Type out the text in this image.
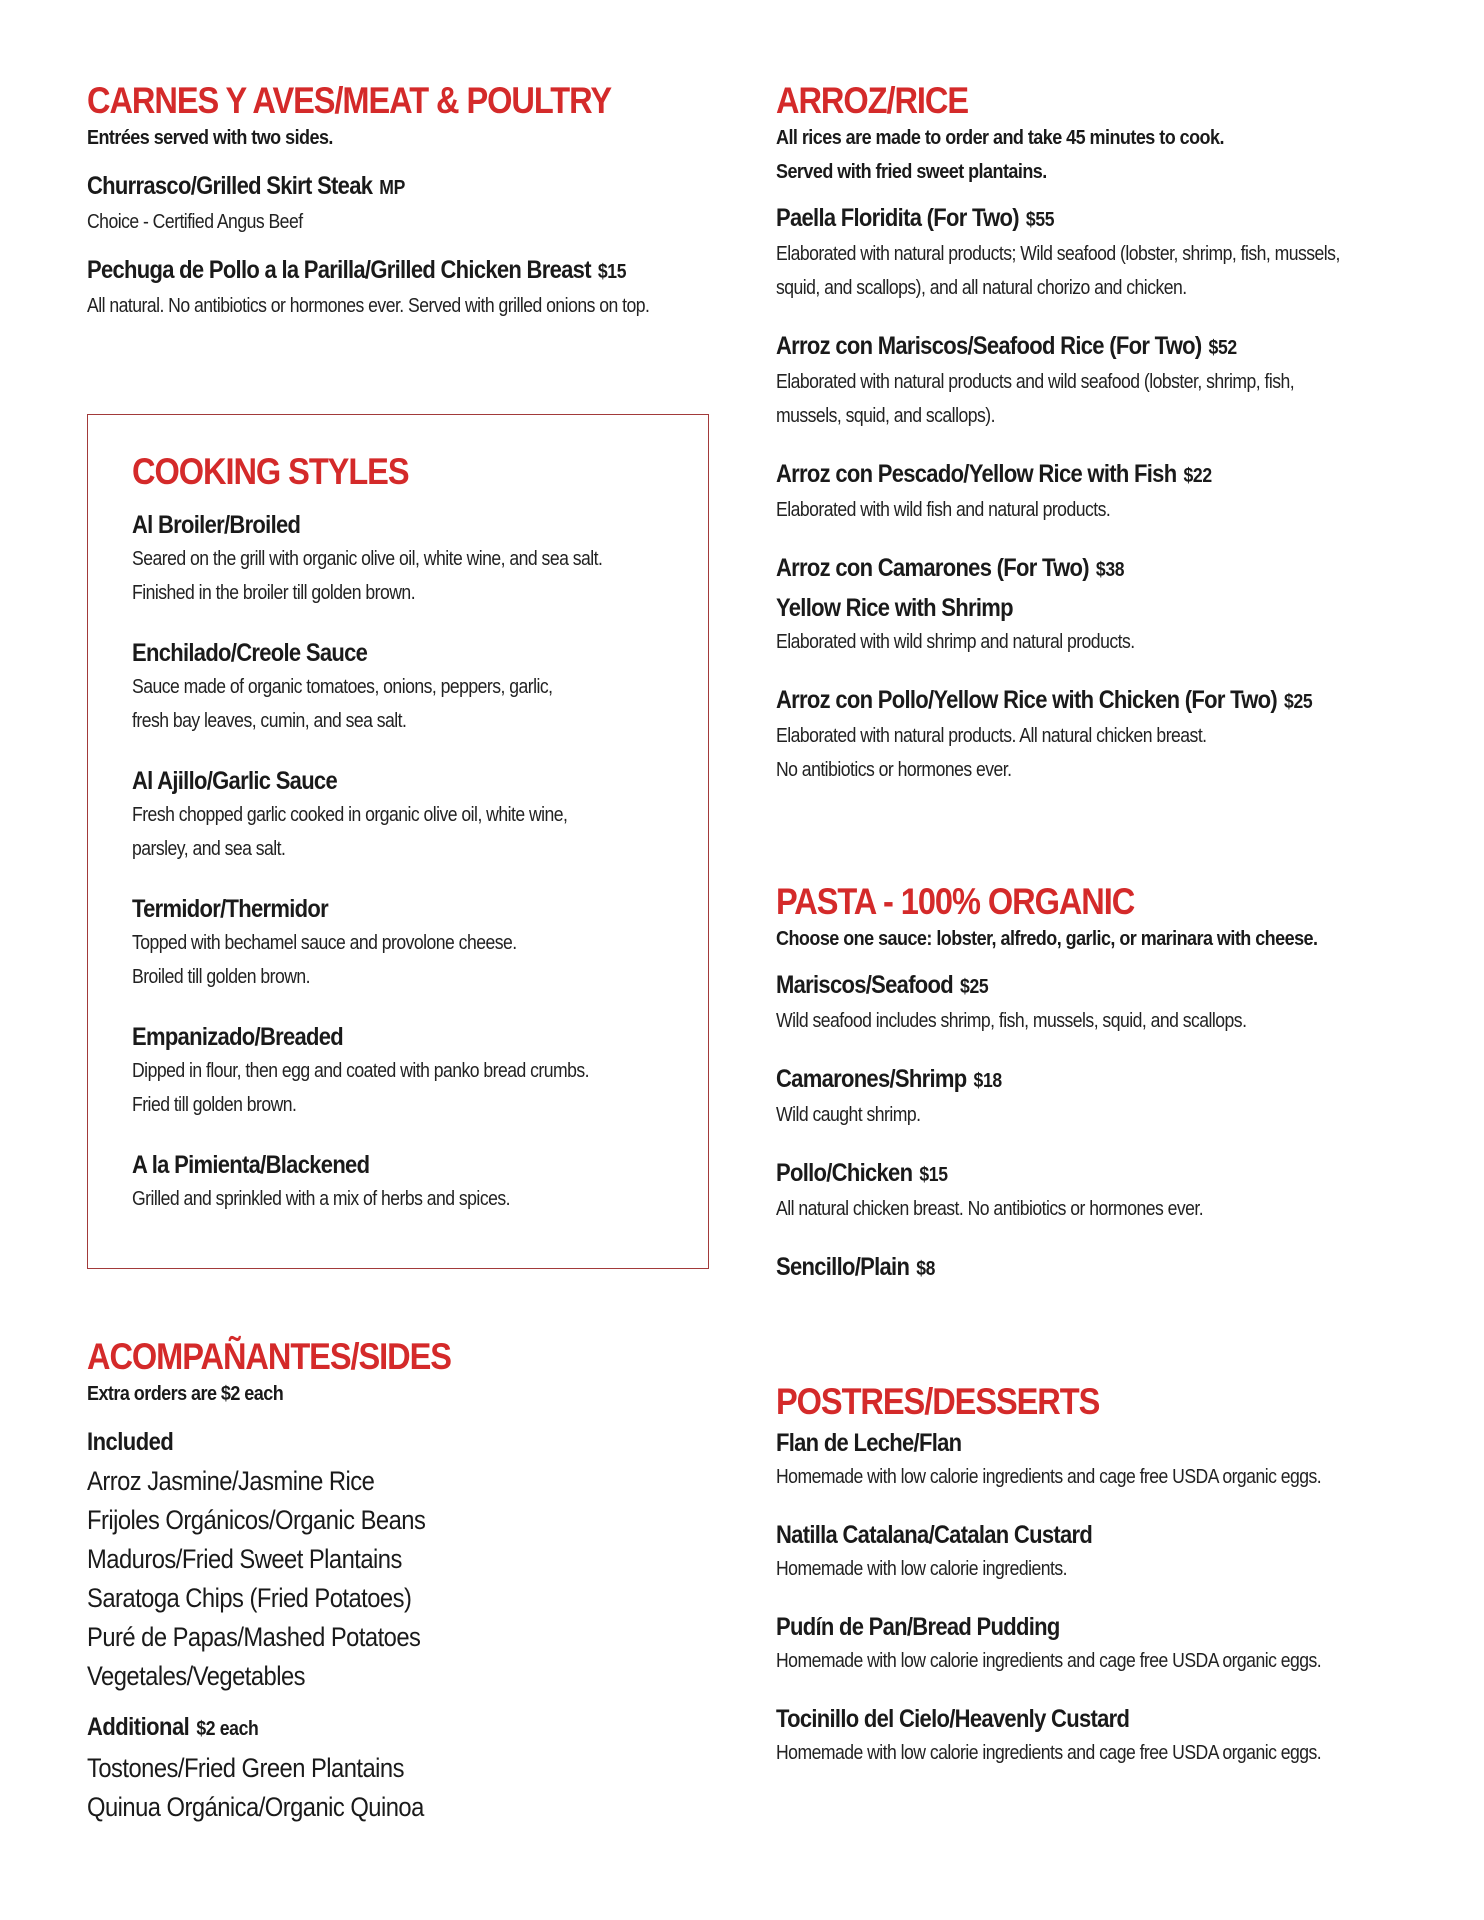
CARNES Y AVES/MEAT & POULTRY
Entrées served with two sides.
Churrasco/Grilled Skirt Steak MP
Choice - Certified Angus Beef
Pechuga de Pollo a la Parilla/Grilled Chicken Breast $15
All natural. No antibiotics or hormones ever. Served with grilled onions on top.
COOKING STYLES
Al Broiler/Broiled
Seared on the grill with organic olive oil, white wine, and sea salt.
Finished in the broiler till golden brown.
Enchilado/Creole Sauce
Sauce made of organic tomatoes, onions, peppers, garlic,
fresh bay leaves, cumin, and sea salt.
Al Ajillo/Garlic Sauce
Fresh chopped garlic cooked in organic olive oil, white wine,
parsley, and sea salt.
Termidor/Thermidor
Topped with bechamel sauce and provolone cheese.
Broiled till golden brown.
Empanizado/Breaded
Dipped in flour, then egg and coated with panko bread crumbs.
Fried till golden brown.
A la Pimienta/Blackened
Grilled and sprinkled with a mix of herbs and spices.
ACOMPAÑANTES/SIDES
Extra orders are $2 each
Included
Arroz Jasmine/Jasmine Rice
Frijoles Orgánicos/Organic Beans
Maduros/Fried Sweet Plantains
Saratoga Chips (Fried Potatoes)
Puré de Papas/Mashed Potatoes
Vegetales/Vegetables
Additional $2 each
Tostones/Fried Green Plantains
Quinua Orgánica/Organic Quinoa
ARROZ/RICE
All rices are made to order and take 45 minutes to cook.
Served with fried sweet plantains.
Paella Floridita (For Two) $55
Elaborated with natural products; Wild seafood (lobster, shrimp, fish, mussels,
squid, and scallops), and all natural chorizo and chicken.
Arroz con Mariscos/Seafood Rice (For Two) $52
Elaborated with natural products and wild seafood (lobster, shrimp, fish,
mussels, squid, and scallops).
Arroz con Pescado/Yellow Rice with Fish $22
Elaborated with wild fish and natural products.
Arroz con Camarones (For Two) $38
Yellow Rice with Shrimp
Elaborated with wild shrimp and natural products.
Arroz con Pollo/Yellow Rice with Chicken (For Two) $25
Elaborated with natural products. All natural chicken breast.
No antibiotics or hormones ever.
PASTA - 100% ORGANIC
Choose one sauce: lobster, alfredo, garlic, or marinara with cheese.
Mariscos/Seafood $25
Wild seafood includes shrimp, fish, mussels, squid, and scallops.
Camarones/Shrimp $18
Wild caught shrimp.
Pollo/Chicken $15
All natural chicken breast. No antibiotics or hormones ever.
Sencillo/Plain $8
POSTRES/DESSERTS
Flan de Leche/Flan
Homemade with low calorie ingredients and cage free USDA organic eggs.
Natilla Catalana/Catalan Custard
Homemade with low calorie ingredients.
Pudín de Pan/Bread Pudding
Homemade with low calorie ingredients and cage free USDA organic eggs.
Tocinillo del Cielo/Heavenly Custard
Homemade with low calorie ingredients and cage free USDA organic eggs.
